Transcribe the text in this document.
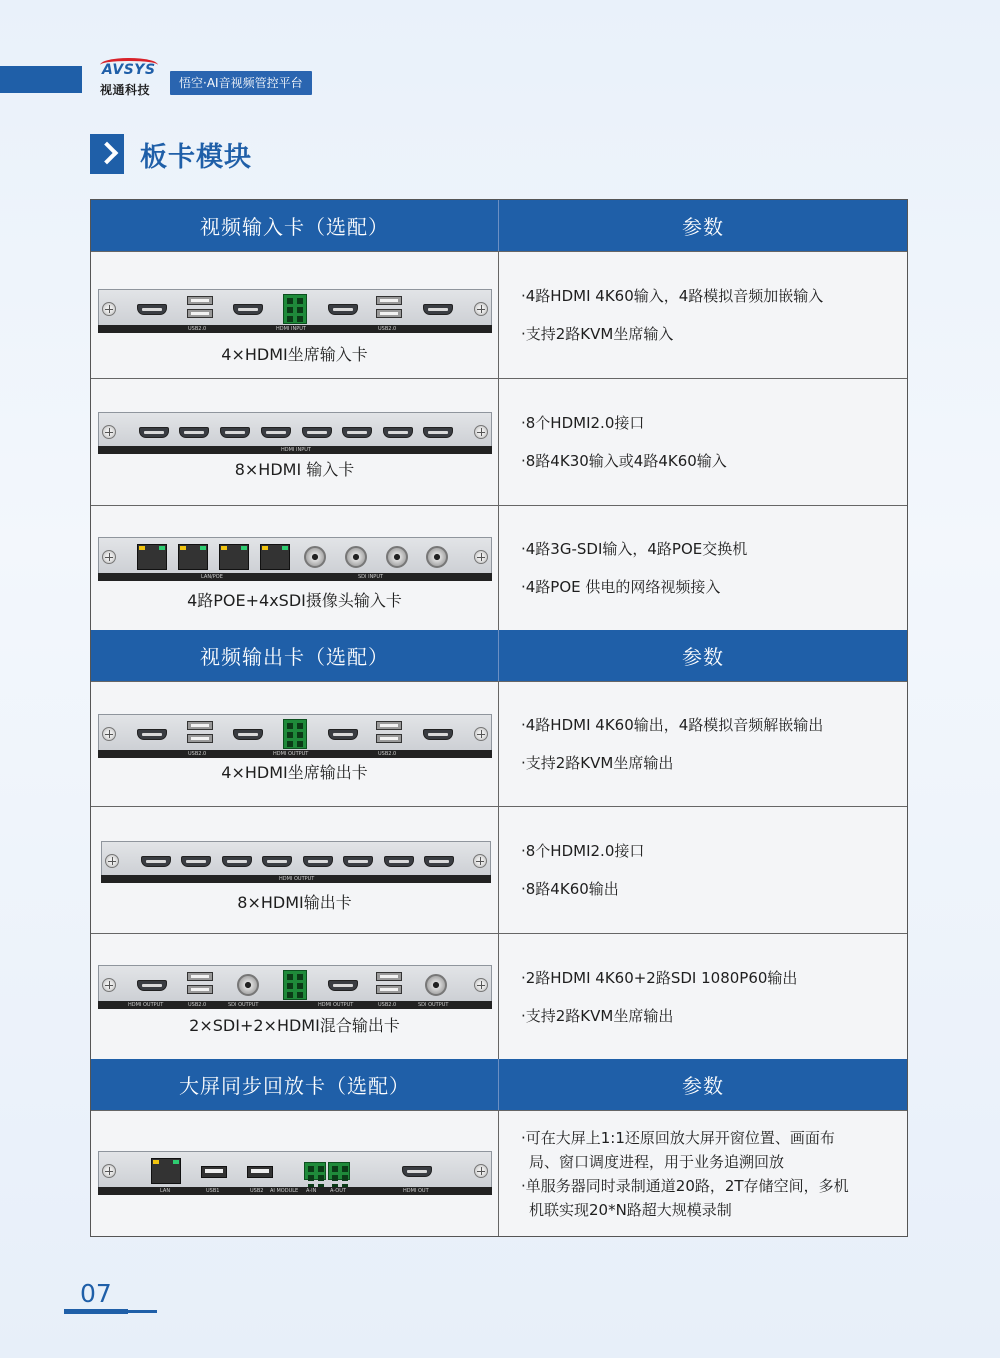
AVSYS
视通科技	悟空·AI音视频管控平台
板卡模块
视频输入卡（选配）	参数
USB2.0	HDMI INPUT	USB2.0
4×HDMI坐席输入卡
·4路HDMI 4K60输入，4路模拟音频加嵌输入
·支持2路KVM坐席输入
HDMI INPUT
8×HDMI 输入卡
·8个HDMI2.0接口
·8路4K30输入或4路4K60输入
LAN/POE	SDI INPUT
4路POE+4xSDI摄像头输入卡
·4路3G-SDI输入，4路POE交换机
·4路POE 供电的网络视频接入
视频输出卡（选配）	参数
USB2.0	HDMI OUTPUT	USB2.0
4×HDMI坐席输出卡
·4路HDMI 4K60输出，4路模拟音频解嵌输出
·支持2路KVM坐席输出
HDMI OUTPUT
8×HDMI输出卡
·8个HDMI2.0接口
·8路4K60输出
HDMI OUTPUT	USB2.0	SDI OUTPUT	HDMI OUTPUT	USB2.0	SDI OUTPUT
2×SDI+2×HDMI混合输出卡
·2路HDMI 4K60+2路SDI 1080P60输出
·支持2路KVM坐席输出
大屏同步回放卡（选配）	参数
LAN	USB1	USB2 AI MODULE A-IN	A-OUT	HDMI OUT
·可在大屏上1:1还原回放大屏开窗位置、画面布
局、窗口调度进程，用于业务追溯回放
·单服务器同时录制通道20路，2T存储空间，多机
机联实现20*N路超大规模录制
07
